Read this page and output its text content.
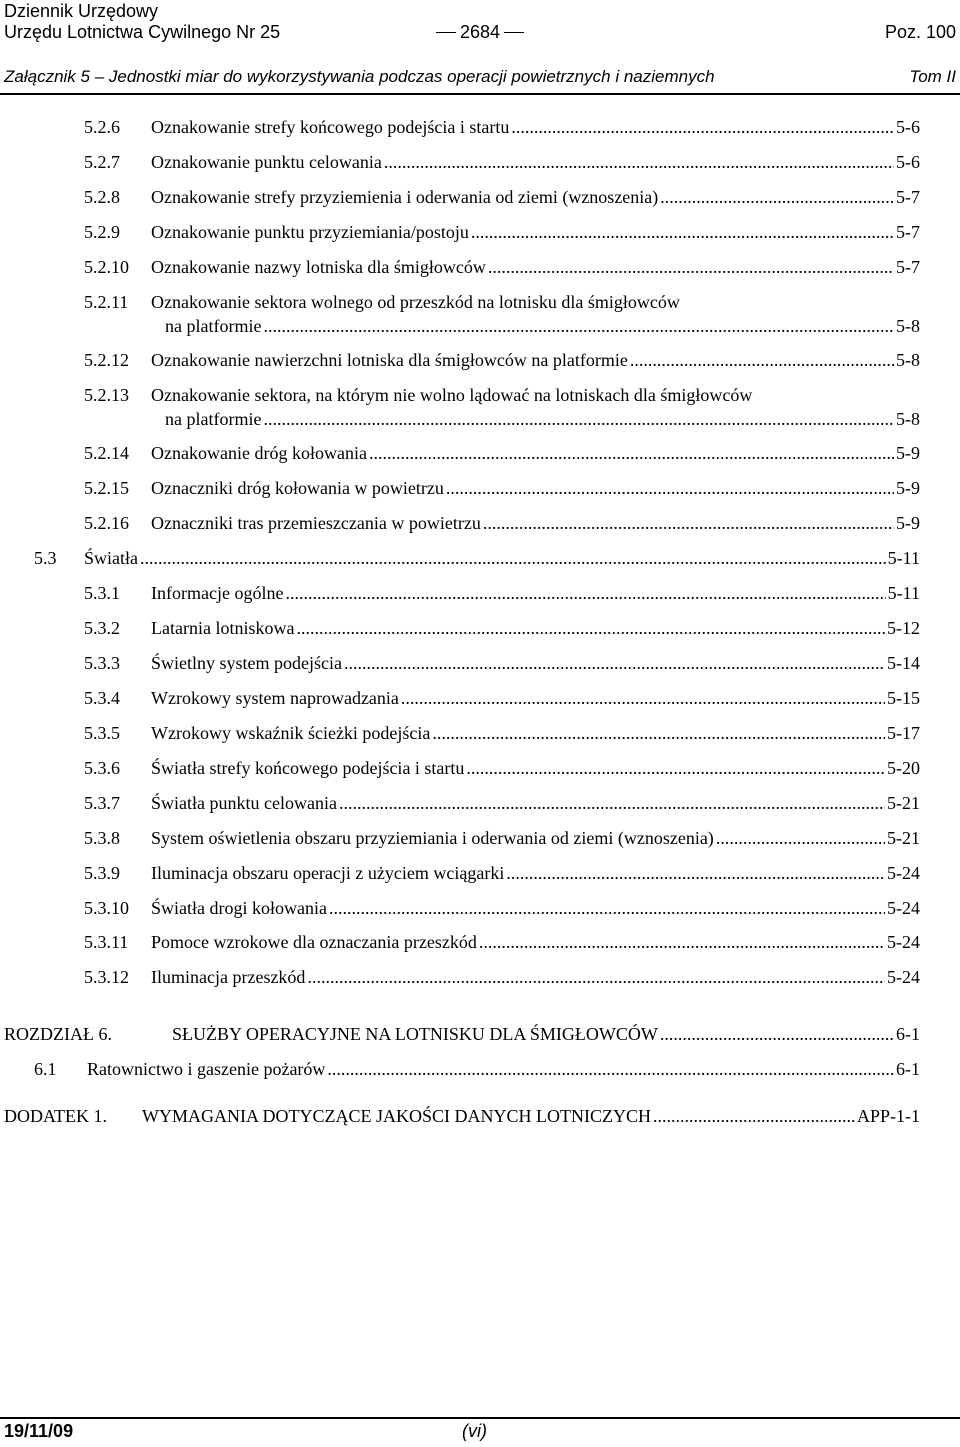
Dziennik Urzędowy
Urzędu Lotnictwa Cywilnego Nr 25	2684	Poz. 100
Załącznik 5 – Jednostki miar do wykorzystywania podczas operacji powietrznych i naziemnych	Tom II
5.2.6 Oznakowanie strefy końcowego podejścia i startu .....	5-6
5.2.7 Oznakowanie punktu celowania .....	5-6
5.2.8 Oznakowanie strefy przyziemienia i oderwania od ziemi (wznoszenia) .....	5-7
5.2.9 Oznakowanie punktu przyziemiania/postoju .....	5-7
5.2.10 Oznakowanie nazwy lotniska dla śmigłowców .....	5-7
5.2.11 Oznakowanie sektora wolnego od przeszkód na lotnisku dla śmigłowców
na platformie .....	5-8
5.2.12 Oznakowanie nawierzchni lotniska dla śmigłowców na platformie .....	5-8
5.2.13 Oznakowanie sektora, na którym nie wolno lądować na lotniskach dla śmigłowców
na platformie .....	5-8
5.2.14 Oznakowanie dróg kołowania .....	5-9
5.2.15 Oznaczniki dróg kołowania w powietrzu .....	5-9
5.2.16 Oznaczniki tras przemieszczania w powietrzu .....	5-9
5.3 Światła .....	5-11
5.3.1 Informacje ogólne .....	5-11
5.3.2 Latarnia lotniskowa .....	5-12
5.3.3 Świetlny system podejścia .....	5-14
5.3.4 Wzrokowy system naprowadzania .....	5-15
5.3.5 Wzrokowy wskaźnik ścieżki podejścia .....	5-17
5.3.6 Światła strefy końcowego podejścia i startu .....	5-20
5.3.7 Światła punktu celowania .....	5-21
5.3.8 System oświetlenia obszaru przyziemiania i oderwania od ziemi (wznoszenia) .....	5-21
5.3.9 Iluminacja obszaru operacji z użyciem wciągarki .....	5-24
5.3.10 Światła drogi kołowania .....	5-24
5.3.11 Pomoce wzrokowe dla oznaczania przeszkód .....	5-24
5.3.12 Iluminacja przeszkód .....	5-24
ROZDZIAŁ 6.	SŁUŻBY OPERACYJNE NA LOTNISKU DLA ŚMIGŁOWCÓW .....	6-1
6.1 Ratownictwo i gaszenie pożarów .....	6-1
DODATEK 1. WYMAGANIA DOTYCZĄCE JAKOŚCI DANYCH LOTNICZYCH .....	APP-1-1
19/11/09	(vi)
